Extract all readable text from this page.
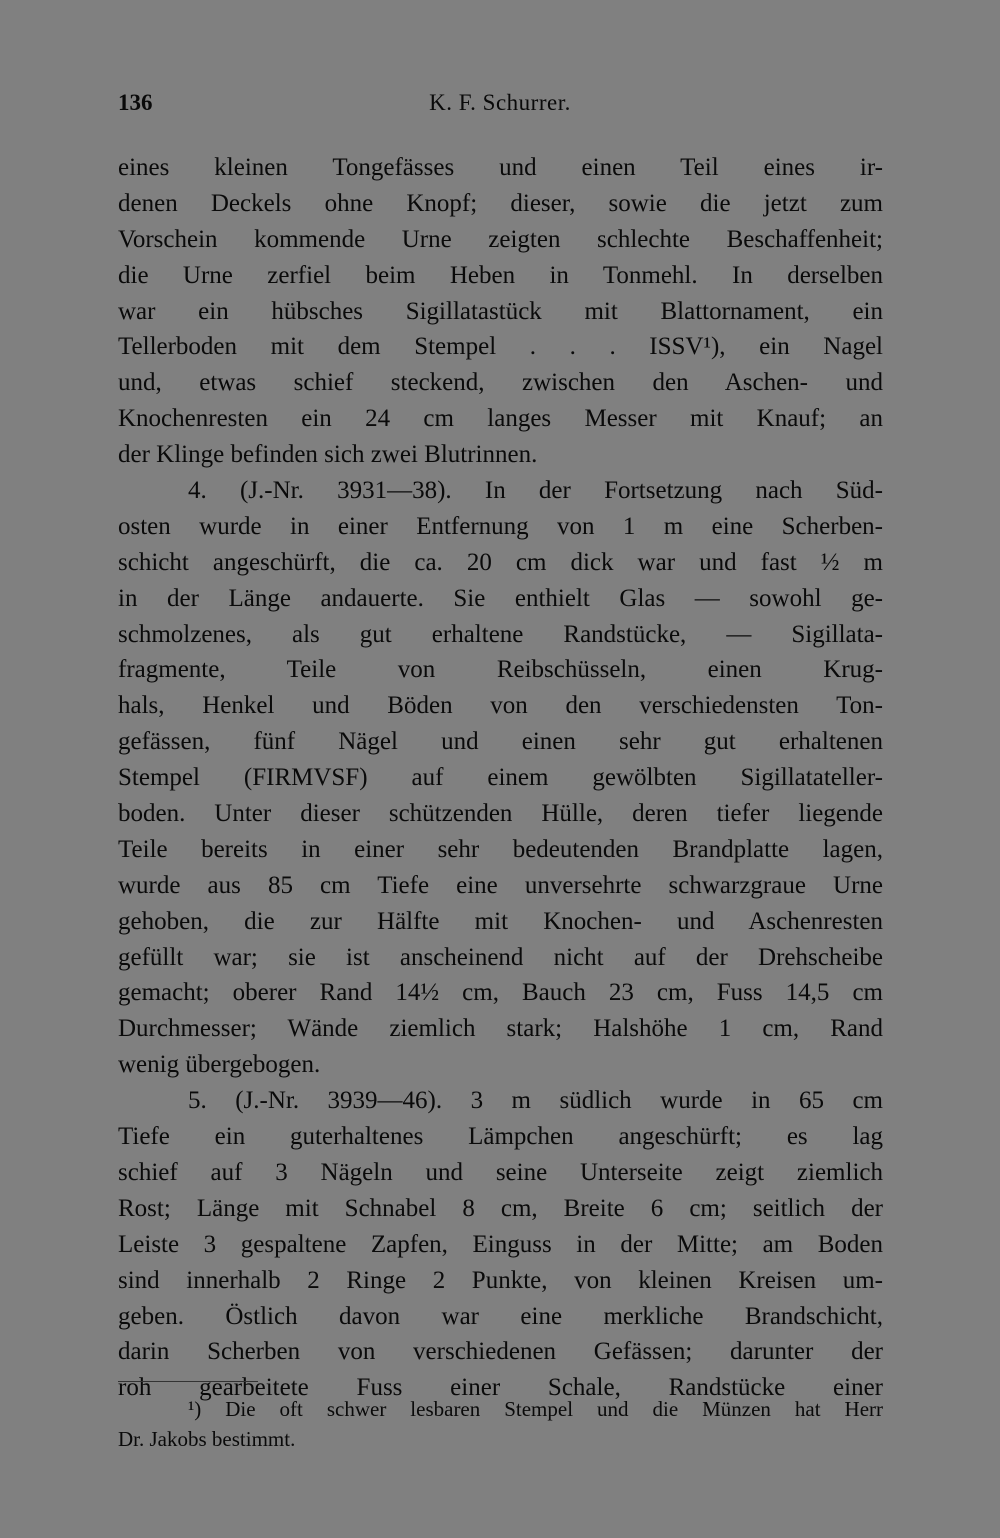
136	K. F. Schurrer.
eines kleinen Tongefässes und einen Teil eines ir-
denen Deckels ohne Knopf; dieser, sowie die jetzt zum
Vorschein kommende Urne zeigten schlechte Beschaffenheit;
die Urne zerfiel beim Heben in Tonmehl. In derselben
war ein hübsches Sigillatastück mit Blattornament, ein
Tellerboden mit dem Stempel . . . ISSV¹), ein Nagel
und, etwas schief steckend, zwischen den Aschen- und
Knochenresten ein 24 cm langes Messer mit Knauf; an
der Klinge befinden sich zwei Blutrinnen.
4. (J.-Nr. 3931—38). In der Fortsetzung nach Süd-
osten wurde in einer Entfernung von 1 m eine Scherben-
schicht angeschürft, die ca. 20 cm dick war und fast ½ m
in der Länge andauerte. Sie enthielt Glas — sowohl ge-
schmolzenes, als gut erhaltene Randstücke, — Sigillata-
fragmente, Teile von Reibschüsseln, einen Krug-
hals, Henkel und Böden von den verschiedensten Ton-
gefässen, fünf Nägel und einen sehr gut erhaltenen
Stempel (FIRMVSF) auf einem gewölbten Sigillatateller-
boden. Unter dieser schützenden Hülle, deren tiefer liegende
Teile bereits in einer sehr bedeutenden Brandplatte lagen,
wurde aus 85 cm Tiefe eine unversehrte schwarzgraue Urne
gehoben, die zur Hälfte mit Knochen- und Aschenresten
gefüllt war; sie ist anscheinend nicht auf der Drehscheibe
gemacht; oberer Rand 14½ cm, Bauch 23 cm, Fuss 14,5 cm
Durchmesser; Wände ziemlich stark; Halshöhe 1 cm, Rand
wenig übergebogen.
5. (J.-Nr. 3939—46). 3 m südlich wurde in 65 cm
Tiefe ein guterhaltenes Lämpchen angeschürft; es lag
schief auf 3 Nägeln und seine Unterseite zeigt ziemlich
Rost; Länge mit Schnabel 8 cm, Breite 6 cm; seitlich der
Leiste 3 gespaltene Zapfen, Einguss in der Mitte; am Boden
sind innerhalb 2 Ringe 2 Punkte, von kleinen Kreisen um-
geben. Östlich davon war eine merkliche Brandschicht,
darin Scherben von verschiedenen Gefässen; darunter der
roh gearbeitete Fuss einer Schale, Randstücke einer
¹) Die oft schwer lesbaren Stempel und die Münzen hat Herr
Dr. Jakobs bestimmt.
